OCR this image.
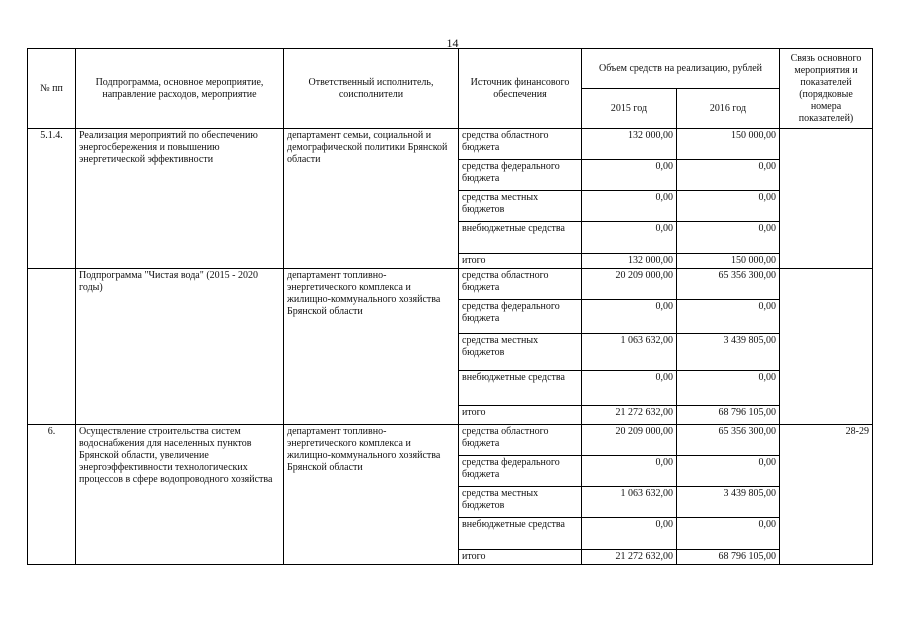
14
№ пп	Подпрограмма, основное мероприятие, направление расходов, мероприятие	Ответственный исполнитель, соисполнители	Источник финансового обеспечения	Объем средств на реализацию, рублей		Связь основного мероприятия и показателей (порядковые номера показателей)
				2015 год	2016 год	
5.1.4.	Реализация мероприятий по обеспечению энергосбережения и повышению энергетической эффективности	департамент семьи, социальной и демографической политики Брянской области	средства областного бюджета	132 000,00	150 000,00	
			средства федерального бюджета	0,00	0,00	
			средства местных бюджетов	0,00	0,00	
			внебюджетные средства	0,00	0,00	
			итого	132 000,00	150 000,00	
	Подпрограмма "Чистая вода" (2015 - 2020 годы)	департамент топливно-энергетического комплекса и жилищно-коммунального хозяйства Брянской области	средства областного бюджета	20 209 000,00	65 356 300,00	
			средства федерального бюджета	0,00	0,00	
			средства местных бюджетов	1 063 632,00	3 439 805,00	
			внебюджетные средства	0,00	0,00	
			итого	21 272 632,00	68 796 105,00	
6.	Осуществление строительства систем водоснабжения для населенных пунктов Брянской области, увеличение энергоэффективности технологических процессов в сфере водопроводного хозяйства	департамент топливно-энергетического комплекса и жилищно-коммунального хозяйства Брянской области	средства областного бюджета	20 209 000,00	65 356 300,00	28-29
			средства федерального бюджета	0,00	0,00	
			средства местных бюджетов	1 063 632,00	3 439 805,00	
			внебюджетные средства	0,00	0,00	
			итого	21 272 632,00	68 796 105,00	
